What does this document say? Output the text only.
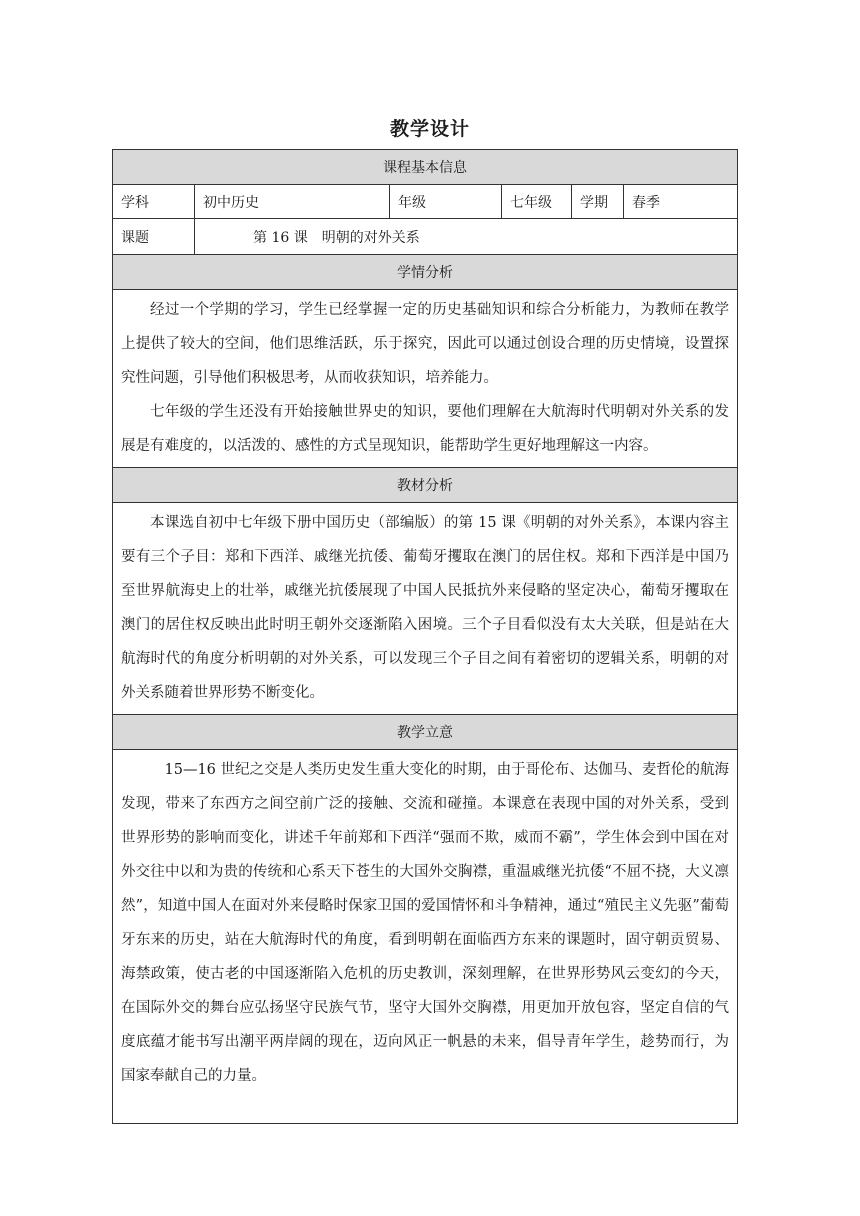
教学设计
课程基本信息					
学科	初中历史	年级	七年级	学期	春季
课题	第 16 课　明朝的对外关系				
学情分析					

经过一个学期的学习，学生已经掌握一定的历史基础知识和综合分析能力，为教师在教学上提供了较大的空间，他们思维活跃，乐于探究，因此可以通过创设合理的历史情境，设置探究性问题，引导他们积极思考，从而收获知识，培养能力。

七年级的学生还没有开始接触世界史的知识，要他们理解在大航海时代明朝对外关系的发展是有难度的，以活泼的、感性的方式呈现知识，能帮助学生更好地理解这一内容。					

教材分析					

本课选自初中七年级下册中国历史（部编版）的第 15 课《明朝的对外关系》，本课内容主要有三个子目：郑和下西洋、戚继光抗倭、葡萄牙攫取在澳门的居住权。郑和下西洋是中国乃至世界航海史上的壮举，戚继光抗倭展现了中国人民抵抗外来侵略的坚定决心，葡萄牙攫取在澳门的居住权反映出此时明王朝外交逐渐陷入困境。三个子目看似没有太大关联，但是站在大航海时代的角度分析明朝的对外关系，可以发现三个子目之间有着密切的逻辑关系，明朝的对外关系随着世界形势不断变化。					

教学立意					

15—16 世纪之交是人类历史发生重大变化的时期，由于哥伦布、达伽马、麦哲伦的航海发现，带来了东西方之间空前广泛的接触、交流和碰撞。本课意在表现中国的对外关系，受到世界形势的影响而变化，讲述千年前郑和下西洋“强而不欺，威而不霸”，学生体会到中国在对外交往中以和为贵的传统和心系天下苍生的大国外交胸襟，重温戚继光抗倭“不屈不挠，大义凛然”，知道中国人在面对外来侵略时保家卫国的爱国情怀和斗争精神，通过“殖民主义先驱”葡萄牙东来的历史，站在大航海时代的角度，看到明朝在面临西方东来的课题时，固守朝贡贸易、海禁政策，使古老的中国逐渐陷入危机的历史教训，深刻理解，在世界形势风云变幻的今天，在国际外交的舞台应弘扬坚守民族气节，坚守大国外交胸襟，用更加开放包容，坚定自信的气度底蕴才能书写出潮平两岸阔的现在，迈向风正一帆悬的未来，倡导青年学生，趁势而行，为国家奉献自己的力量。					
